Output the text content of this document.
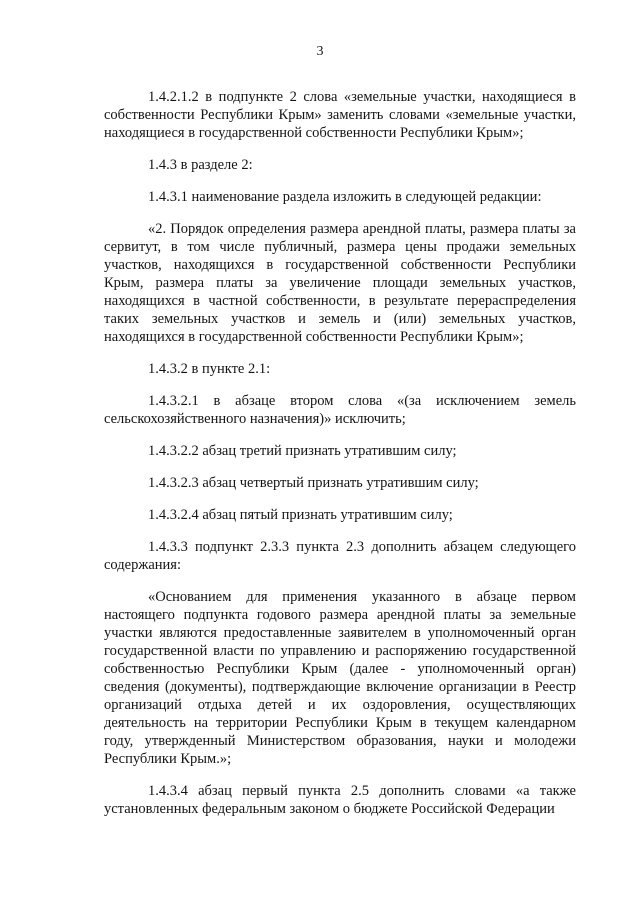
3

1.4.2.1.2 в подпункте 2 слова «земельные участки, находящиеся в собственности Республики Крым» заменить словами «земельные участки, находящиеся в государственной собственности Республики Крым»;

1.4.3 в разделе 2:

1.4.3.1 наименование раздела изложить в следующей редакции:

«2. Порядок определения размера арендной платы, размера платы за сервитут, в том числе публичный, размера цены продажи земельных участков, находящихся в государственной собственности Республики Крым, размера платы за увеличение площади земельных участков, находящихся в частной собственности, в результате перераспределения таких земельных участков и земель и (или) земельных участков, находящихся в государственной собственности Республики Крым»;

1.4.3.2 в пункте 2.1:

1.4.3.2.1 в абзаце втором слова «(за исключением земель сельскохозяйственного назначения)» исключить;

1.4.3.2.2 абзац третий признать утратившим силу;

1.4.3.2.3 абзац четвертый признать утратившим силу;

1.4.3.2.4 абзац пятый признать утратившим силу;

1.4.3.3 подпункт 2.3.3 пункта 2.3 дополнить абзацем следующего содержания:

«Основанием для применения указанного в абзаце первом настоящего подпункта годового размера арендной платы за земельные участки являются предоставленные заявителем в уполномоченный орган государственной власти по управлению и распоряжению государственной собственностью Республики Крым (далее - уполномоченный орган) сведения (документы), подтверждающие включение организации в Реестр организаций отдыха детей и их оздоровления, осуществляющих деятельность на территории Республики Крым в текущем календарном году, утвержденный Министерством образования, науки и молодежи Республики Крым.»;

1.4.3.4 абзац первый пункта 2.5 дополнить словами «а также установленных федеральным законом о бюджете Российской Федерации
